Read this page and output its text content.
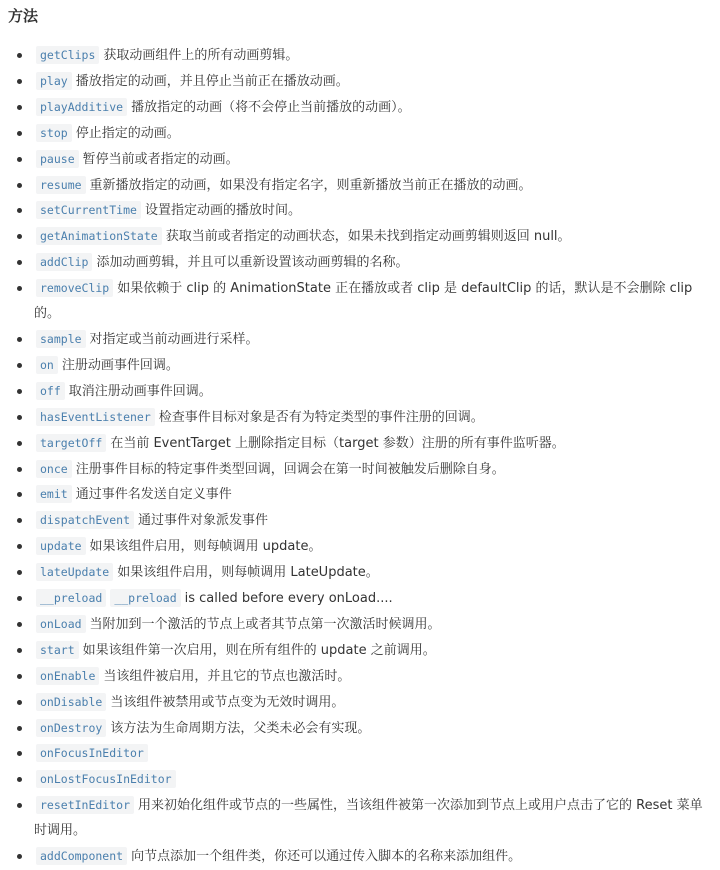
方法
getClips 获取动画组件上的所有动画剪辑。
play 播放指定的动画，并且停止当前正在播放动画。
playAdditive 播放指定的动画（将不会停止当前播放的动画）。
stop 停止指定的动画。
pause 暂停当前或者指定的动画。
resume 重新播放指定的动画，如果没有指定名字，则重新播放当前正在播放的动画。
setCurrentTime 设置指定动画的播放时间。
getAnimationState 获取当前或者指定的动画状态，如果未找到指定动画剪辑则返回 null。
addClip 添加动画剪辑，并且可以重新设置该动画剪辑的名称。
removeClip 如果依赖于 clip 的 AnimationState 正在播放或者 clip 是 defaultClip 的话，默认是不会删除 clip 的。
sample 对指定或当前动画进行采样。
on 注册动画事件回调。
off 取消注册动画事件回调。
hasEventListener 检查事件目标对象是否有为特定类型的事件注册的回调。
targetOff 在当前 EventTarget 上删除指定目标（target 参数）注册的所有事件监听器。
once 注册事件目标的特定事件类型回调，回调会在第一时间被触发后删除自身。
emit 通过事件名发送自定义事件
dispatchEvent 通过事件对象派发事件
update 如果该组件启用，则每帧调用 update。
lateUpdate 如果该组件启用，则每帧调用 LateUpdate。
__preload __preload is called before every onLoad....
onLoad 当附加到一个激活的节点上或者其节点第一次激活时候调用。
start 如果该组件第一次启用，则在所有组件的 update 之前调用。
onEnable 当该组件被启用，并且它的节点也激活时。
onDisable 当该组件被禁用或节点变为无效时调用。
onDestroy 该方法为生命周期方法，父类未必会有实现。
onFocusInEditor
onLostFocusInEditor
resetInEditor 用来初始化组件或节点的一些属性，当该组件被第一次添加到节点上或用户点击了它的 Reset 菜单时调用。
addComponent 向节点添加一个组件类，你还可以通过传入脚本的名称来添加组件。
